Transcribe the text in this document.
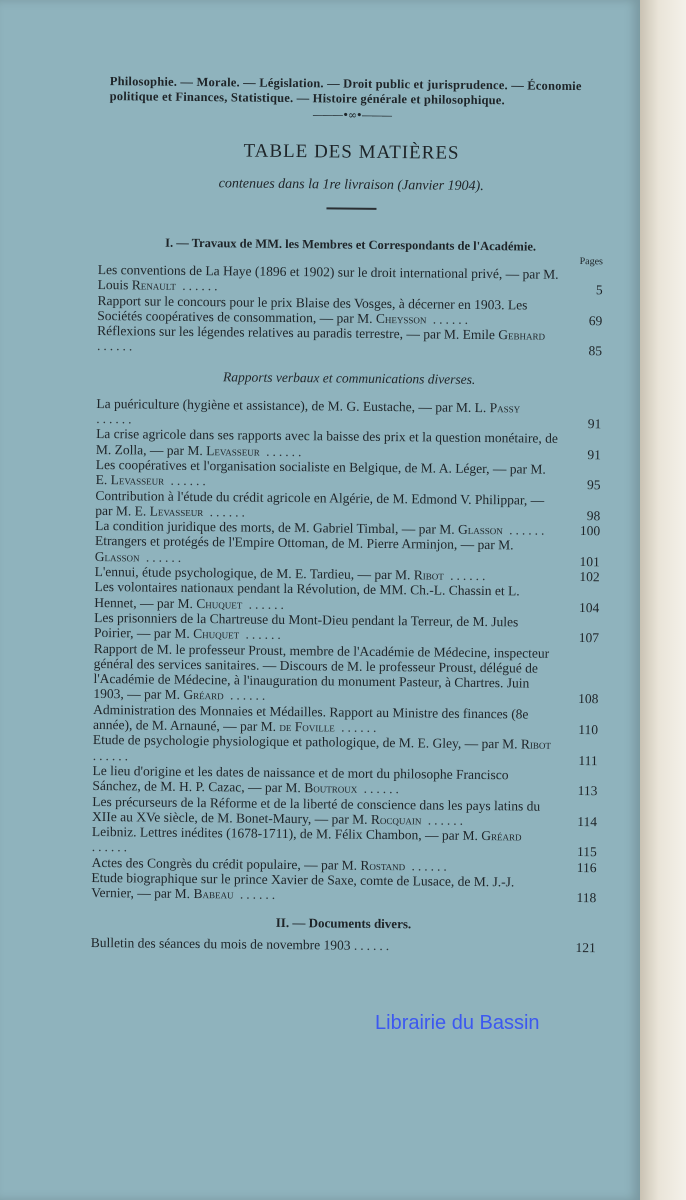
Philosophie. — Morale. — Législation. — Droit public et jurisprudence. — Économie politique et Finances, Statistique. — Histoire générale et philosophique.
———•∞•———
TABLE DES MATIÈRES
contenues dans la 1re livraison (Janvier 1904).
I. — Travaux de MM. les Membres et Correspondants de l'Académie.
Pages

Les conventions de La Haye (1896 et 1902) sur le droit international privé, — par M. Louis Renault ......	5

Rapport sur le concours pour le prix Blaise des Vosges, à décerner en 1903. Les Sociétés coopératives de consommation, — par M. Cheysson ......	69

Réflexions sur les légendes relatives au paradis terrestre, — par M. Emile Gebhard ......	85

Rapports verbaux et communications diverses.

La puériculture (hygiène et assistance), de M. G. Eustache, — par M. L. Passy ......	91

La crise agricole dans ses rapports avec la baisse des prix et la question monétaire, de M. Zolla, — par M. Levasseur ......	91

Les coopératives et l'organisation socialiste en Belgique, de M. A. Léger, — par M. E. Levasseur ......	95

Contribution à l'étude du crédit agricole en Algérie, de M. Edmond V. Philippar, — par M. E. Levasseur ......	98

La condition juridique des morts, de M. Gabriel Timbal, — par M. Glasson ......	100

Etrangers et protégés de l'Empire Ottoman, de M. Pierre Arminjon, — par M. Glasson ......	101

L'ennui, étude psychologique, de M. E. Tardieu, — par M. Ribot ......	102

Les volontaires nationaux pendant la Révolution, de MM. Ch.-L. Chassin et L. Hennet, — par M. Chuquet ......	104

Les prisonniers de la Chartreuse du Mont-Dieu pendant la Terreur, de M. Jules Poirier, — par M. Chuquet ......	107

Rapport de M. le professeur Proust, membre de l'Académie de Médecine, inspecteur général des services sanitaires. — Discours de M. le professeur Proust, délégué de l'Académie de Médecine, à l'inauguration du monument Pasteur, à Chartres. Juin 1903, — par M. Gréard ......	108

Administration des Monnaies et Médailles. Rapport au Ministre des finances (8e année), de M. Arnauné, — par M. de Foville ......	110

Etude de psychologie physiologique et pathologique, de M. E. Gley, — par M. Ribot ......	111

Le lieu d'origine et les dates de naissance et de mort du philosophe Francisco Sánchez, de M. H. P. Cazac, — par M. Boutroux ......	113

Les précurseurs de la Réforme et de la liberté de conscience dans les pays latins du XIIe au XVe siècle, de M. Bonet-Maury, — par M. Rocquain ......	114

Leibniz. Lettres inédites (1678-1711), de M. Félix Chambon, — par M. Gréard ......	115

Actes des Congrès du crédit populaire, — par M. Rostand ......	116

Etude biographique sur le prince Xavier de Saxe, comte de Lusace, de M. J.-J. Vernier, — par M. Babeau ......	118

II. — Documents divers.

Bulletin des séances du mois de novembre 1903 ......	121

Librairie du Bassin
